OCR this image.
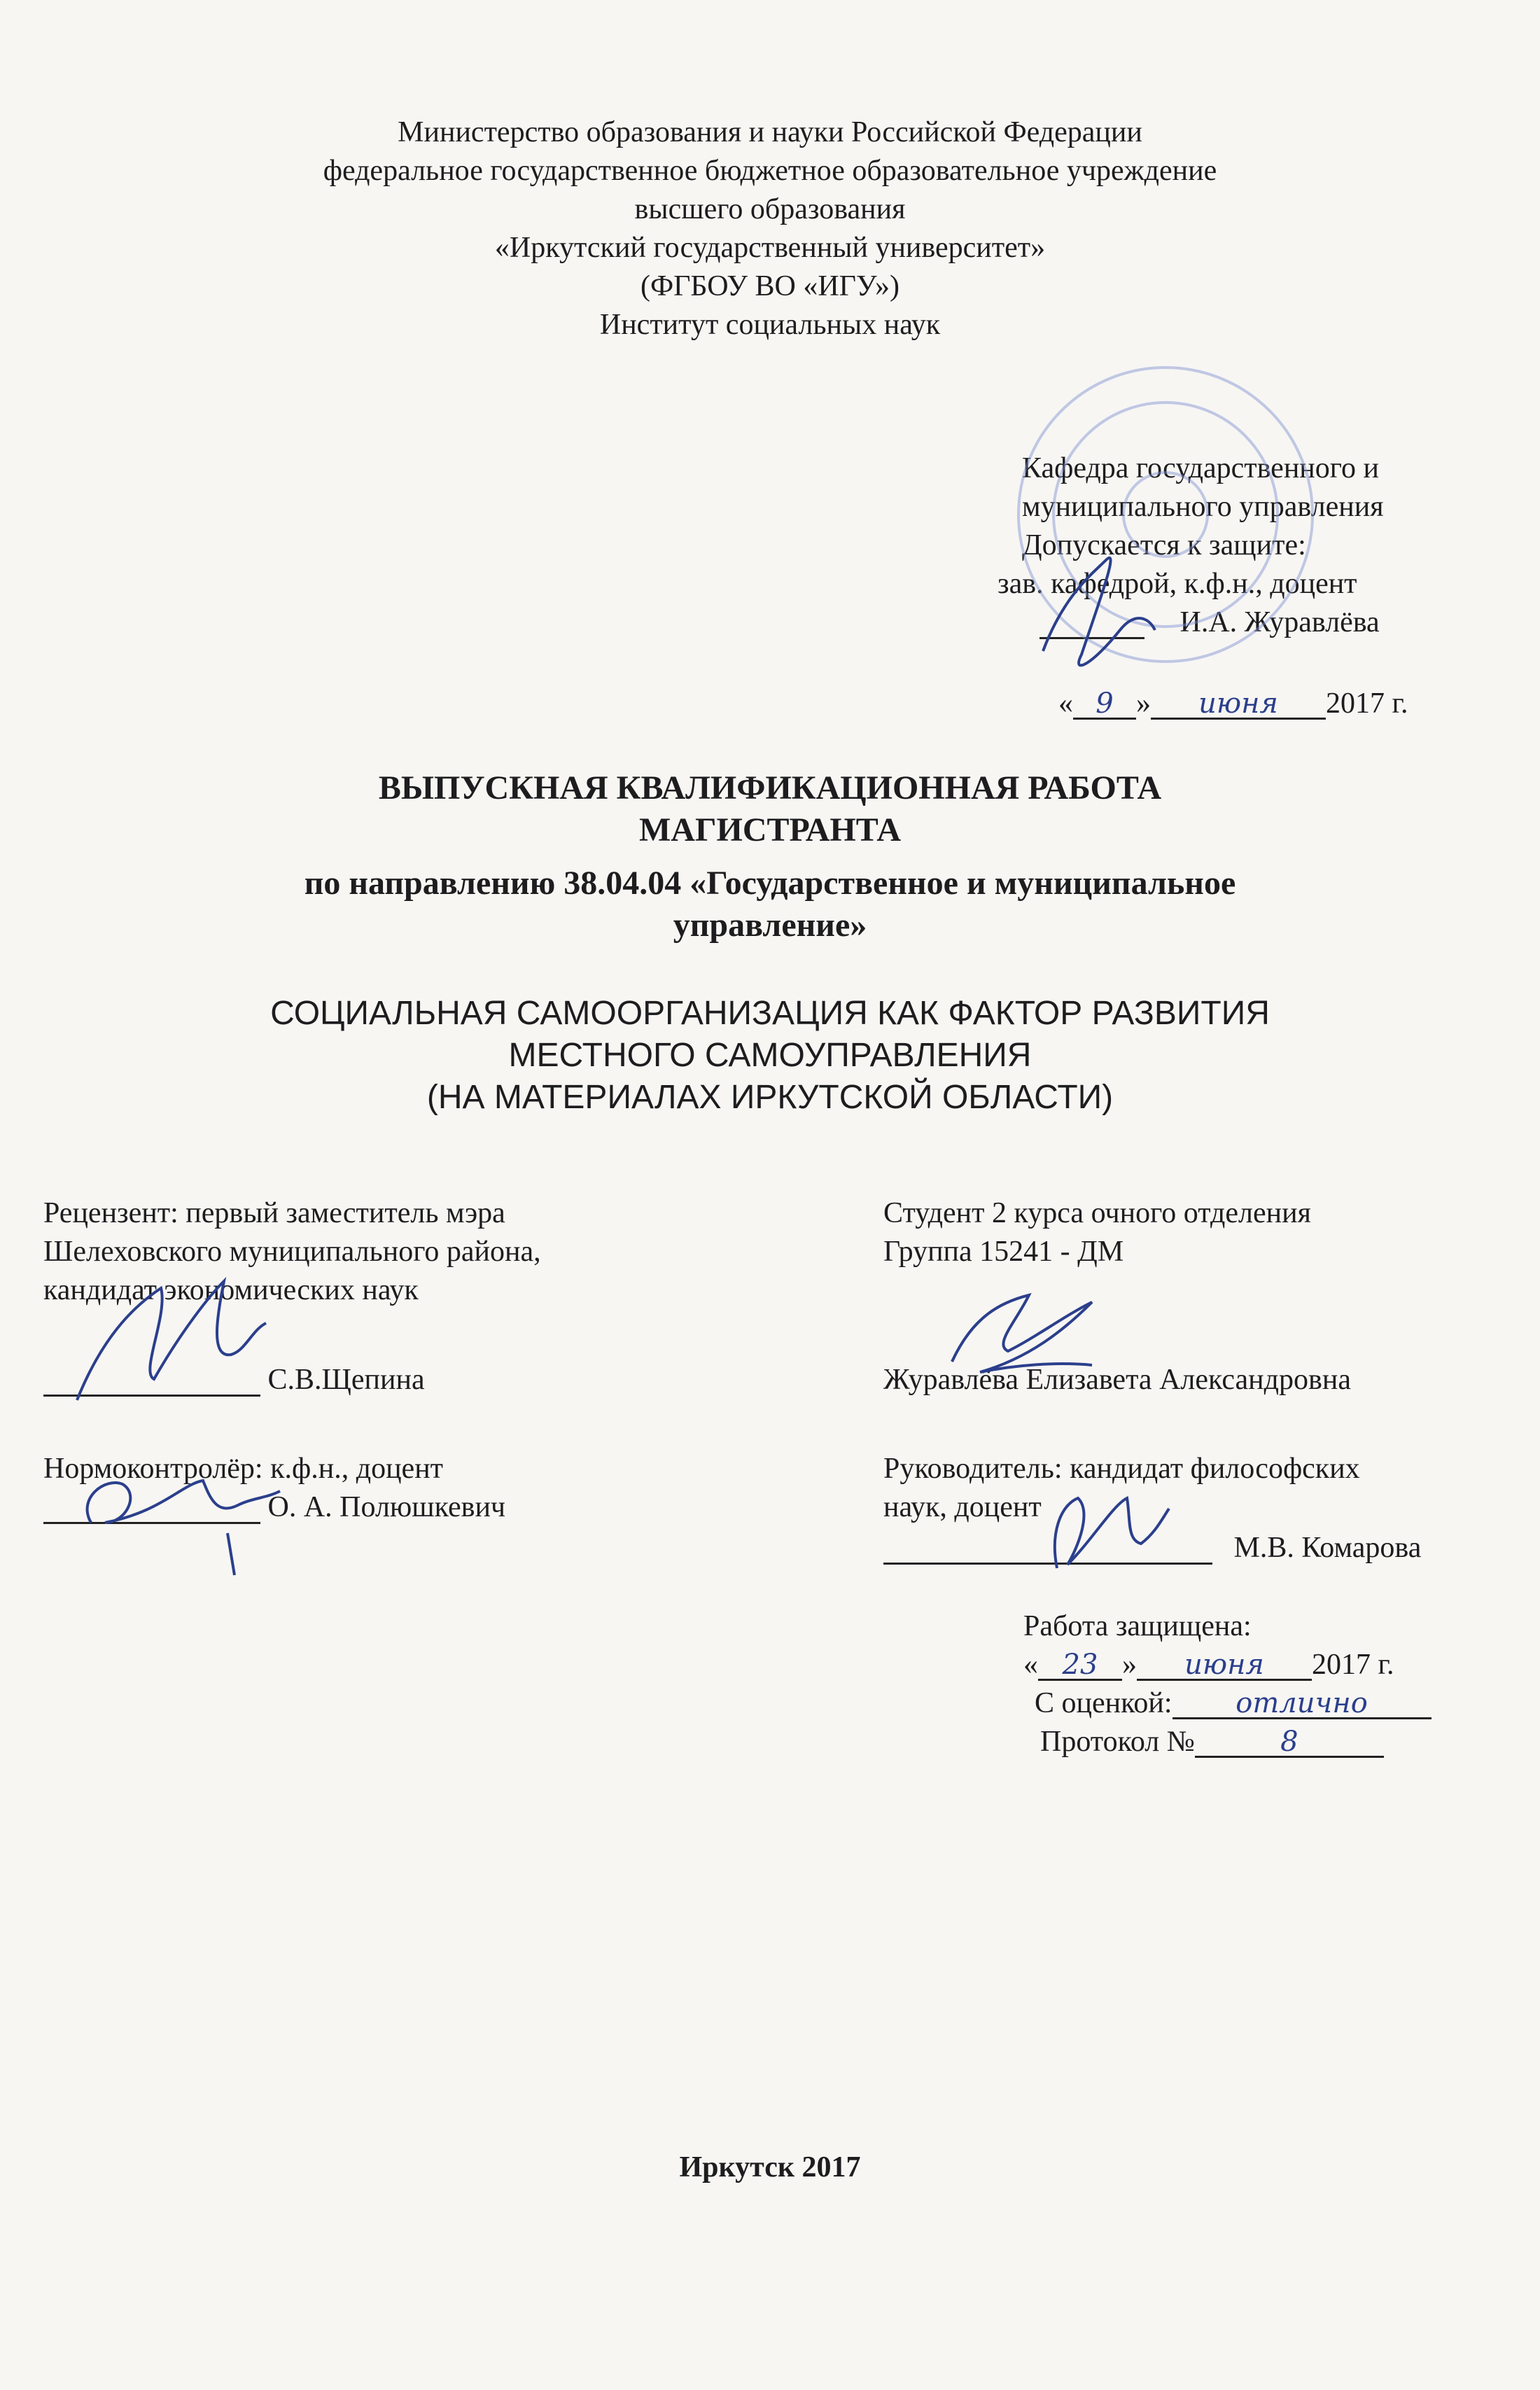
Министерство образования и науки Российской Федерации
федеральное государственное бюджетное образовательное учреждение
высшего образования
«Иркутский государственный университет»
(ФГБОУ ВО «ИГУ»)
Институт социальных наук
Кафедра государственного и
муниципального управления
Допускается к защите:
зав. кафедрой, к.ф.н., доцент
И.А. Журавлёва
« 9 » июня 2017 г.
ВЫПУСКНАЯ КВАЛИФИКАЦИОННАЯ РАБОТА
МАГИСТРАНТА
по направлению 38.04.04 «Государственное и муниципальное
управление»
СОЦИАЛЬНАЯ САМООРГАНИЗАЦИЯ КАК ФАКТОР РАЗВИТИЯ
МЕСТНОГО САМОУПРАВЛЕНИЯ
(НА МАТЕРИАЛАХ ИРКУТСКОЙ ОБЛАСТИ)
Рецензент: первый заместитель мэра
Шелеховского муниципального района,
кандидат экономических наук
С.В.Щепина
Нормоконтролёр: к.ф.н., доцент
О. А. Полюшкевич
Студент 2 курса очного отделения
Группа 15241 - ДМ
Журавлёва Елизавета Александровна
Руководитель: кандидат философских
наук, доцент
М.В. Комарова
Работа защищена:
« 23 » июня 2017 г.
С оценкой: отлично
Протокол №	8
Иркутск 2017
